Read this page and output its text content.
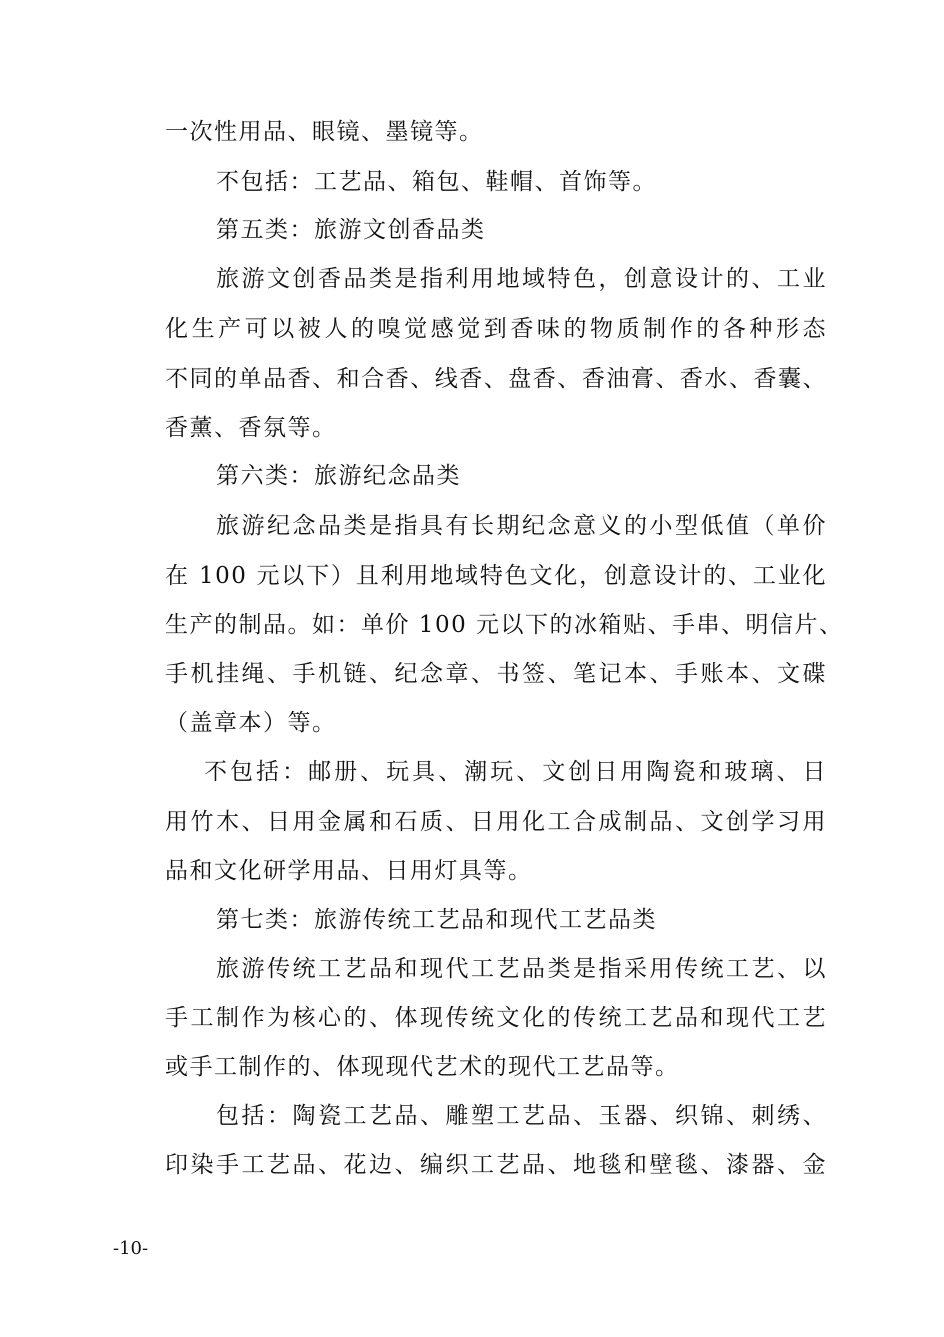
一次性用品、眼镜、墨镜等。
不包括：工艺品、箱包、鞋帽、首饰等。
第五类：旅游文创香品类
旅游文创香品类是指利用地域特色，创意设计的、工业
化生产可以被人的嗅觉感觉到香味的物质制作的各种形态
不同的单品香、和合香、线香、盘香、香油膏、香水、香囊、
香薰、香氛等。
第六类：旅游纪念品类
旅游纪念品类是指具有长期纪念意义的小型低值（单价
在 100 元以下）且利用地域特色文化，创意设计的、工业化
生产的制品。如：单价 100 元以下的冰箱贴、手串、明信片、
手机挂绳、手机链、纪念章、书签、笔记本、手账本、文碟
（盖章本）等。
不包括：邮册、玩具、潮玩、文创日用陶瓷和玻璃、日
用竹木、日用金属和石质、日用化工合成制品、文创学习用
品和文化研学用品、日用灯具等。
第七类：旅游传统工艺品和现代工艺品类
旅游传统工艺品和现代工艺品类是指采用传统工艺、以
手工制作为核心的、体现传统文化的传统工艺品和现代工艺
或手工制作的、体现现代艺术的现代工艺品等。
包括：陶瓷工艺品、雕塑工艺品、玉器、织锦、刺绣、
印染手工艺品、花边、编织工艺品、地毯和壁毯、漆器、金
-10-
